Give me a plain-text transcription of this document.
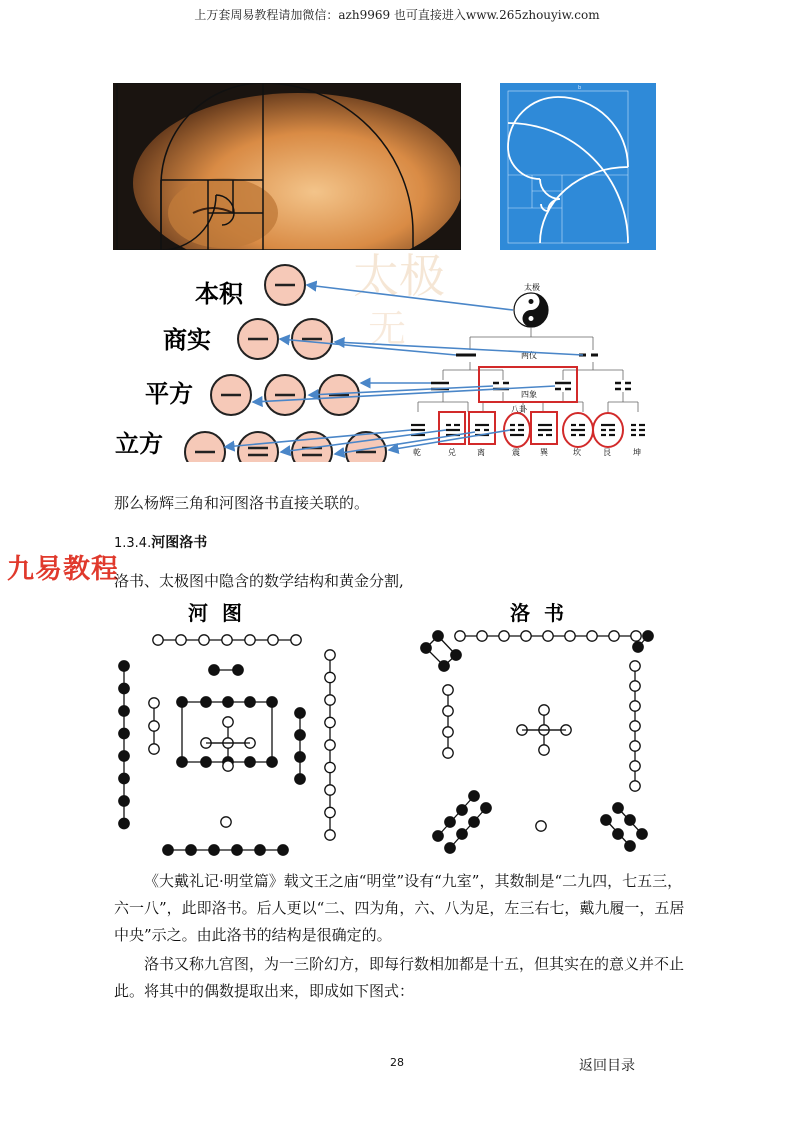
上万套周易教程请加微信：azh9969 也可直接进入www.265zhouyiw.com
b
太极
无
本积
商实
平方
立方
太极
两仪
四象
八卦
乾	兑	离	震	巽	坎	艮	坤
那么杨辉三角和河图洛书直接关联的。
1.3.4.河图洛书
九易教程
洛书、太极图中隐含的数学结构和黄金分割,
河图	洛书
《大戴礼记·明堂篇》载文王之庙“明堂”设有“九室”，其数制是“二九四，七五三，六一八”，此即洛书。后人更以“二、四为角，六、八为足，左三右七，戴九履一，五居中央”示之。由此洛书的结构是很确定的。
洛书又称九宫图，为一三阶幻方，即每行数相加都是十五，但其实在的意义并不止此。将其中的偶数提取出来，即成如下图式：
28	返回目录
